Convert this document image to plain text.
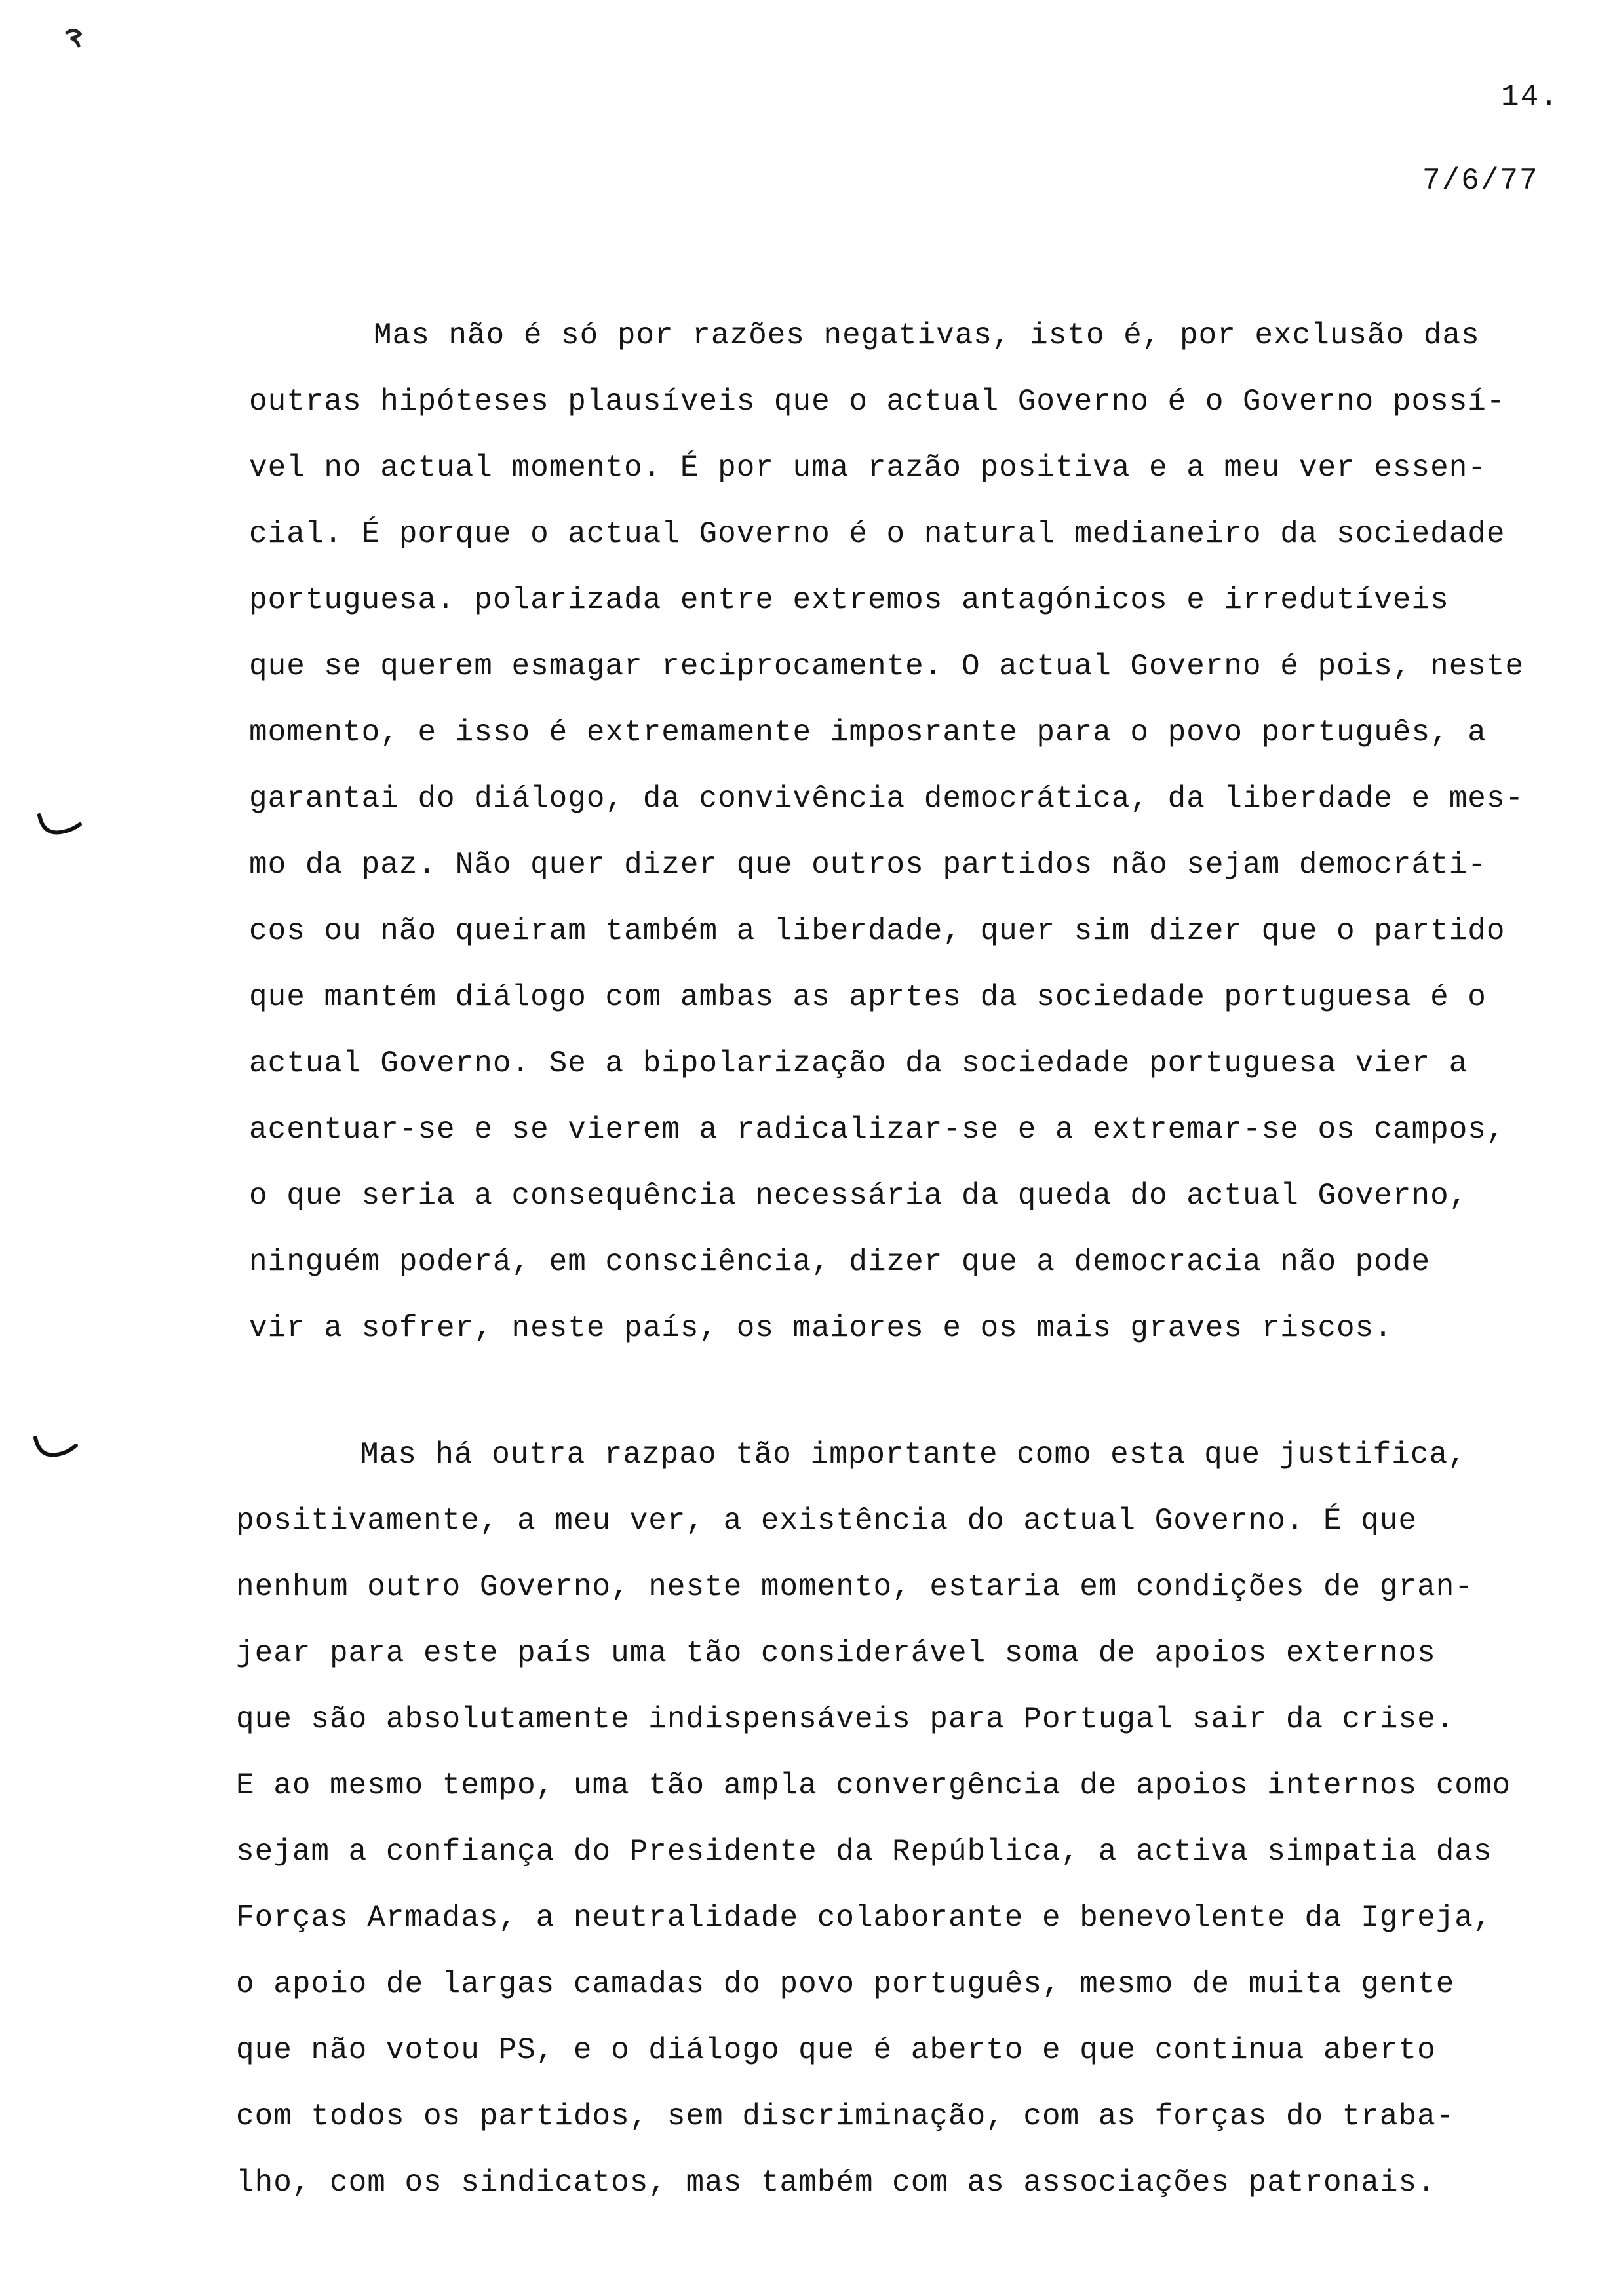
14.
7/6/77
Mas não é só por razões negativas, isto é, por exclusão das
outras hipóteses plausíveis que o actual Governo é o Governo possí-
vel no actual momento. É por uma razão positiva e a meu ver essen-
cial. É porque o actual Governo é o natural medianeiro da sociedade
portuguesa. polarizada entre extremos antagónicos e irredutíveis
que se querem esmagar reciprocamente. O actual Governo é pois, neste
momento, e isso é extremamente imposrante para o povo português, a
garantai do diálogo, da convivência democrática, da liberdade e mes-
mo da paz. Não quer dizer que outros partidos não sejam democráti-
cos ou não queiram também a liberdade, quer sim dizer que o partido
que mantém diálogo com ambas as aprtes da sociedade portuguesa é o
actual Governo. Se a bipolarização da sociedade portuguesa vier a
acentuar-se e se vierem a radicalizar-se e a extremar-se os campos,
o que seria a consequência necessária da queda do actual Governo,
ninguém poderá, em consciência, dizer que a democracia não pode
vir a sofrer, neste país, os maiores e os mais graves riscos.
Mas há outra razpao tão importante como esta que justifica,
positivamente, a meu ver, a existência do actual Governo. É que
nenhum outro Governo, neste momento, estaria em condições de gran-
jear para este país uma tão considerável soma de apoios externos
que são absolutamente indispensáveis para Portugal sair da crise.
E ao mesmo tempo, uma tão ampla convergência de apoios internos como
sejam a confiança do Presidente da República, a activa simpatia das
Forças Armadas, a neutralidade colaborante e benevolente da Igreja,
o apoio de largas camadas do povo português, mesmo de muita gente
que não votou PS, e o diálogo que é aberto e que continua aberto
com todos os partidos, sem discriminação, com as forças do traba-
lho, com os sindicatos, mas também com as associações patronais.
